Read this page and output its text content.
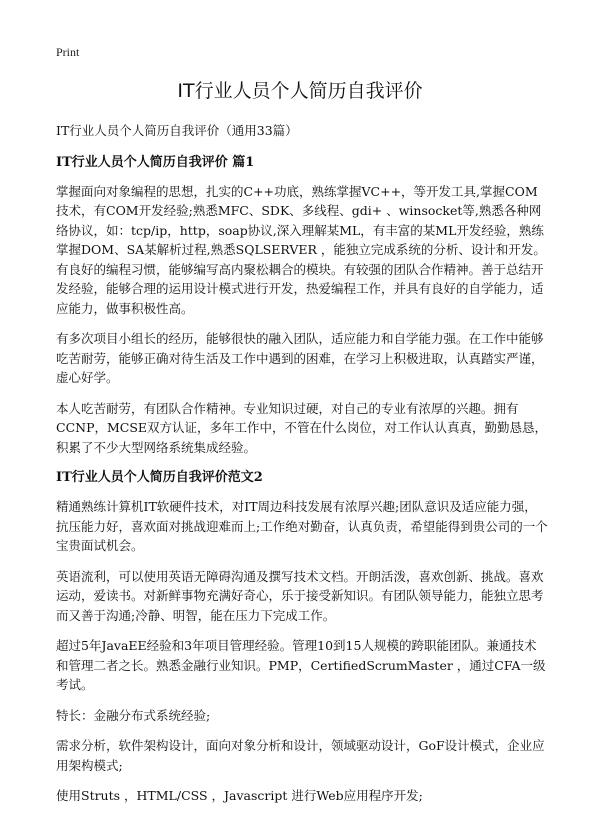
Print
IT行业人员个人简历自我评价

IT行业人员个人简历自我评价（通用33篇）

IT行业人员个人简历自我评价 篇1

掌握面向对象编程的思想，扎实的C++功底，熟练掌握VC++，等开发工具,掌握COM技术，有COM开发经验;熟悉MFC、SDK、多线程、gdi+ 、winsocket等,熟悉各种网络协议，如：tcp/ip，http，soap协议,深入理解某ML，有丰富的某ML开发经验，熟练掌握DOM、SA某解析过程,熟悉SQLSERVER ，能独立完成系统的分析、设计和开发。有良好的编程习惯，能够编写高内聚松耦合的模块。有较强的团队合作精神。善于总结开发经验，能够合理的运用设计模式进行开发，热爱编程工作，并具有良好的自学能力，适应能力，做事积极性高。

有多次项目小组长的经历，能够很快的融入团队，适应能力和自学能力强。在工作中能够吃苦耐劳，能够正确对待生活及工作中遇到的困难，在学习上积极进取，认真踏实严谨，虚心好学。

本人吃苦耐劳，有团队合作精神。专业知识过硬，对自己的专业有浓厚的兴趣。拥有CCNP，MCSE双方认证，多年工作中，不管在什么岗位，对工作认认真真，勤勤恳恳，积累了不少大型网络系统集成经验。

IT行业人员个人简历自我评价范文2

精通熟练计算机IT软硬件技术，对IT周边科技发展有浓厚兴趣;团队意识及适应能力强，抗压能力好，喜欢面对挑战迎难而上;工作绝对勤奋，认真负责，希望能得到贵公司的一个宝贵面试机会。

英语流利，可以使用英语无障碍沟通及撰写技术文档。开朗活泼，喜欢创新、挑战。喜欢运动，爱读书。对新鲜事物充满好奇心，乐于接受新知识。有团队领导能力，能独立思考而又善于沟通;冷静、明智，能在压力下完成工作。

超过5年JavaEE经验和3年项目管理经验。管理10到15人规模的跨职能团队。兼通技术和管理二者之长。熟悉金融行业知识。PMP，CertifiedScrumMaster ，通过CFA一级考试。

特长：金融分布式系统经验;

需求分析，软件架构设计，面向对象分析和设计，领域驱动设计，GoF设计模式，企业应用架构模式;

使用Struts ，HTML/CSS ，Javascript 进行Web应用程序开发;
